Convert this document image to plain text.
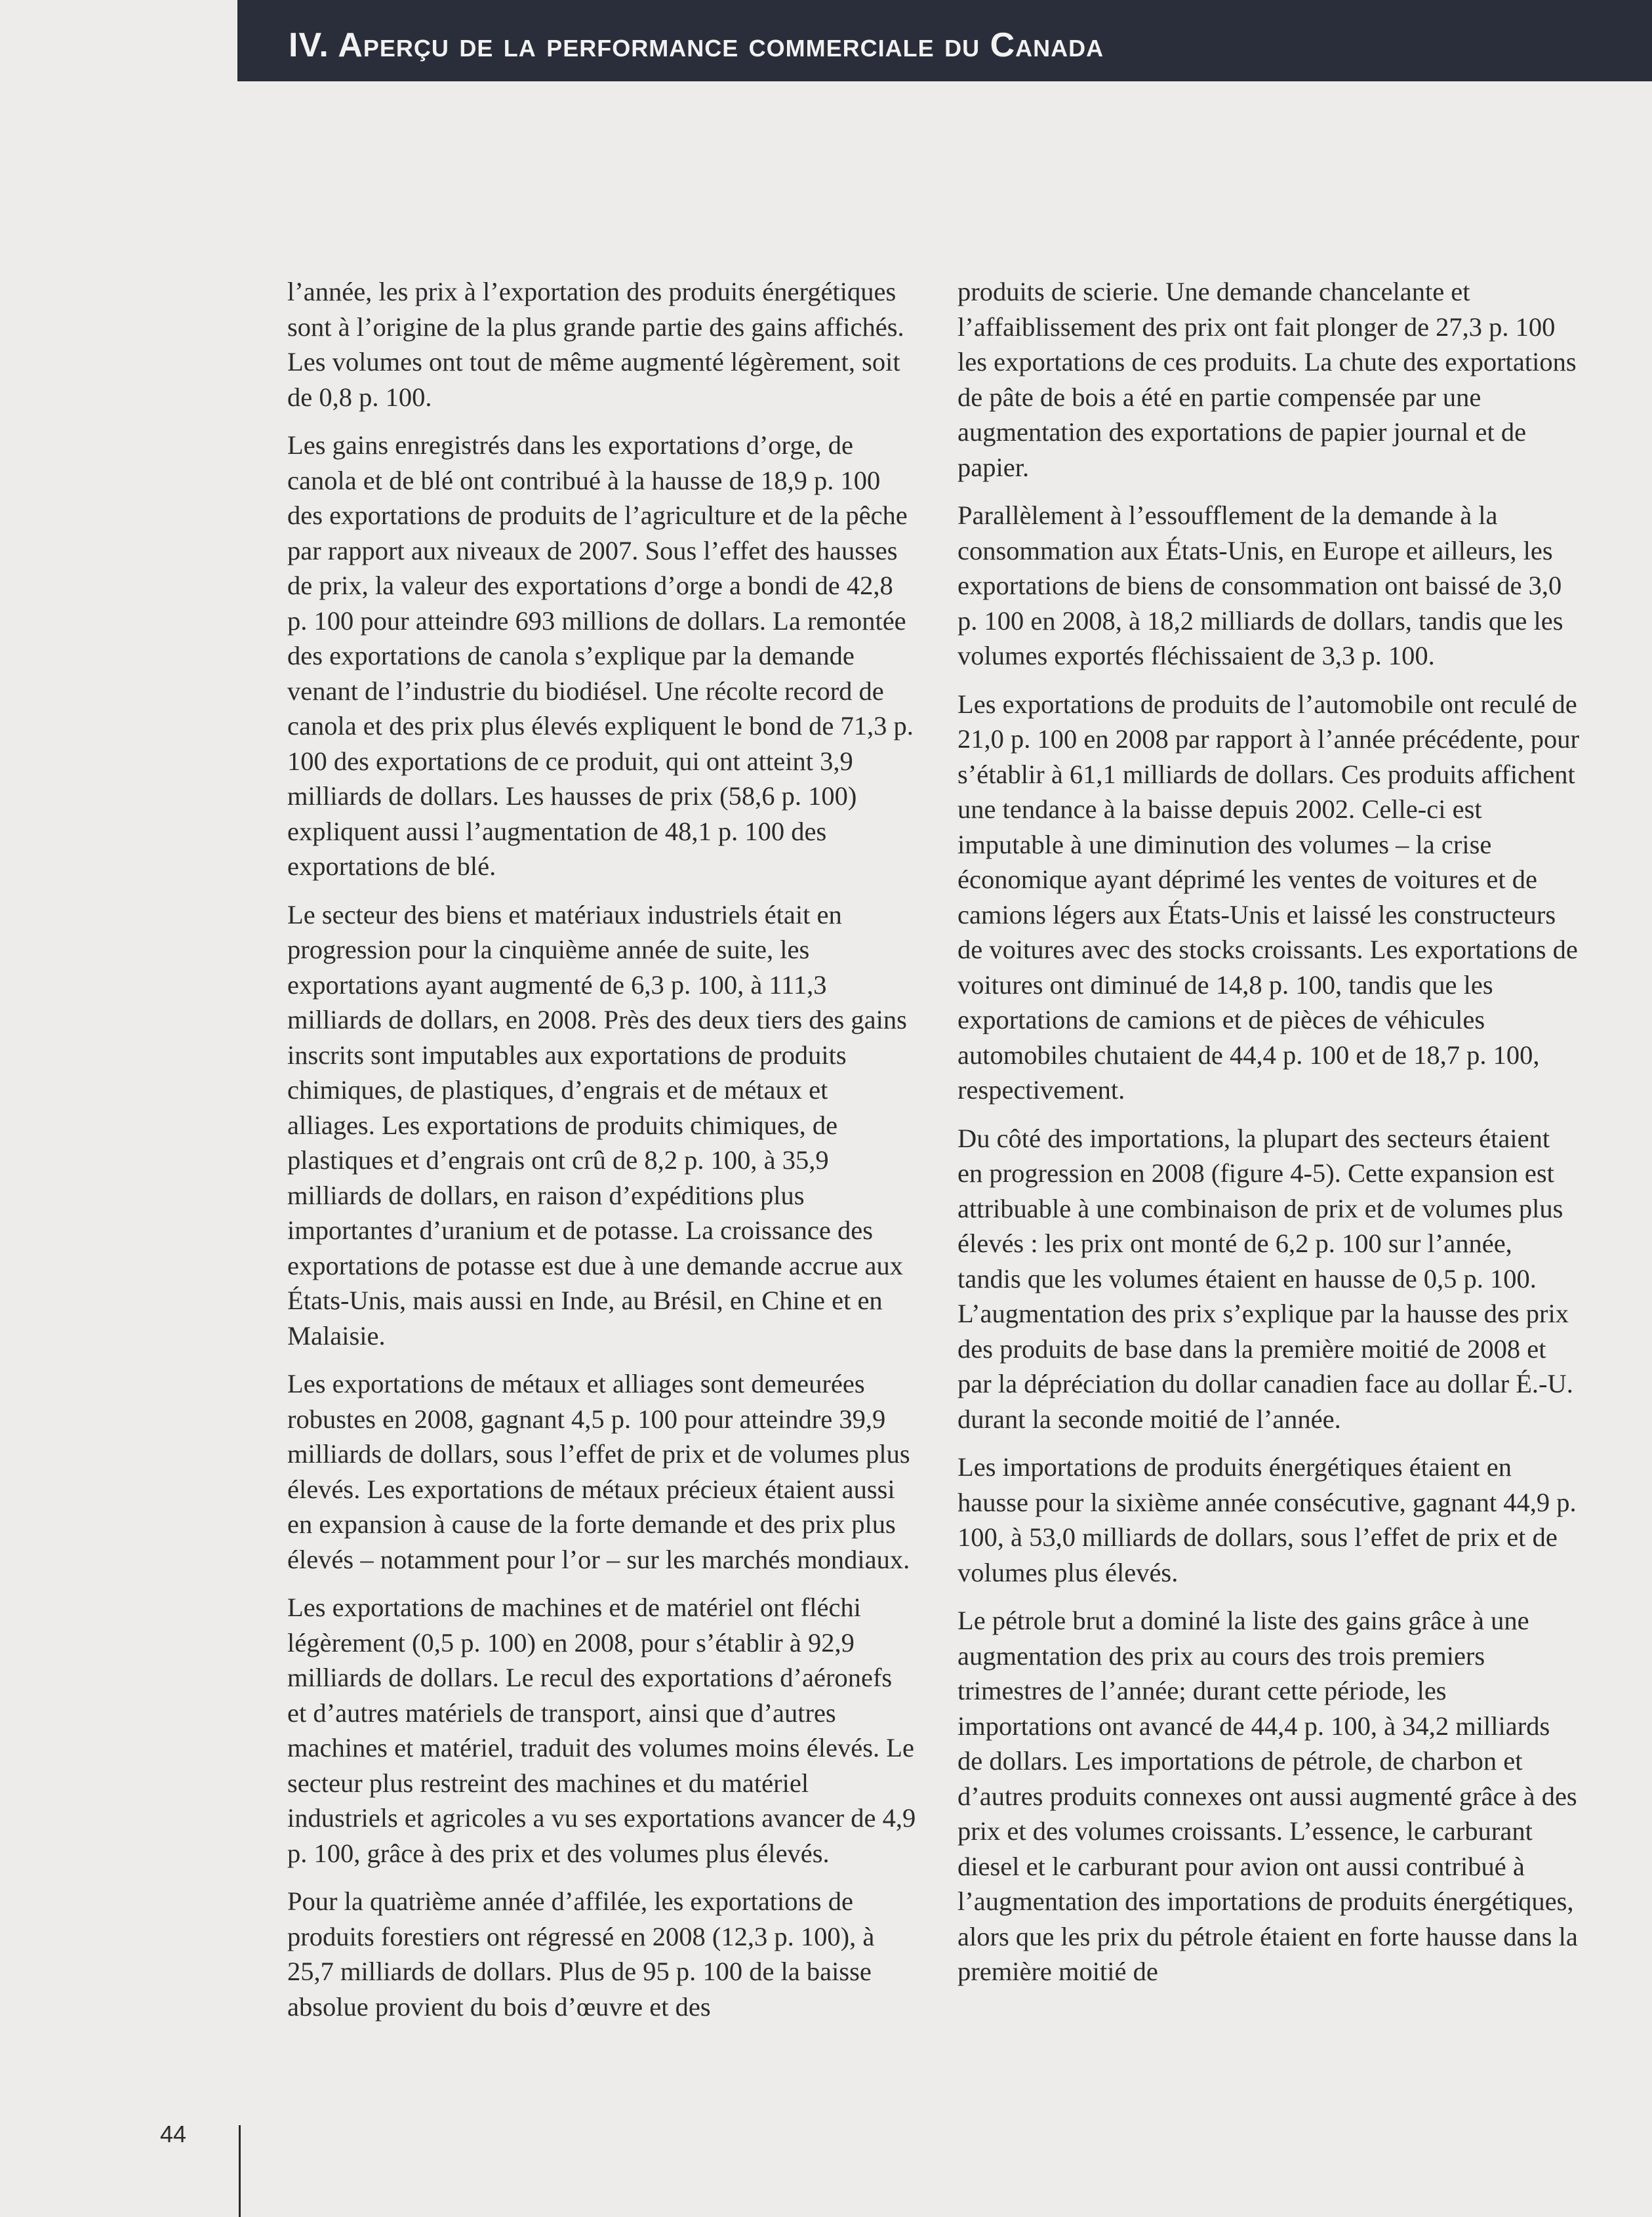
IV. Aperçu de la performance commerciale du Canada

l’année, les prix à l’exportation des produits énergétiques sont à l’origine de la plus grande partie des gains affichés. Les volumes ont tout de même augmenté légèrement, soit de 0,8 p. 100.

Les gains enregistrés dans les exportations d’orge, de canola et de blé ont contribué à la hausse de 18,9 p. 100 des exportations de produits de l’agriculture et de la pêche par rapport aux niveaux de 2007. Sous l’effet des hausses de prix, la valeur des exportations d’orge a bondi de 42,8 p. 100 pour atteindre 693 millions de dollars. La remontée des exportations de canola s’explique par la demande venant de l’industrie du biodiésel. Une récolte record de canola et des prix plus élevés expliquent le bond de 71,3 p. 100 des exportations de ce produit, qui ont atteint 3,9 milliards de dollars. Les hausses de prix (58,6 p. 100) expliquent aussi l’augmentation de 48,1 p. 100 des exportations de blé.

Le secteur des biens et matériaux industriels était en progression pour la cinquième année de suite, les exportations ayant augmenté de 6,3 p. 100, à 111,3 milliards de dollars, en 2008. Près des deux tiers des gains inscrits sont imputables aux exportations de produits chimiques, de plastiques, d’engrais et de métaux et alliages. Les exportations de produits chimiques, de plastiques et d’engrais ont crû de 8,2 p. 100, à 35,9 milliards de dollars, en raison d’expéditions plus importantes d’uranium et de potasse. La croissance des exportations de potasse est due à une demande accrue aux États-Unis, mais aussi en Inde, au Brésil, en Chine et en Malaisie.

Les exportations de métaux et alliages sont demeurées robustes en 2008, gagnant 4,5 p. 100 pour atteindre 39,9 milliards de dollars, sous l’effet de prix et de volumes plus élevés. Les exportations de métaux précieux étaient aussi en expansion à cause de la forte demande et des prix plus élevés – notamment pour l’or – sur les marchés mondiaux.

Les exportations de machines et de matériel ont fléchi légèrement (0,5 p. 100) en 2008, pour s’établir à 92,9 milliards de dollars. Le recul des exportations d’aéronefs et d’autres matériels de transport, ainsi que d’autres machines et matériel, traduit des volumes moins élevés. Le secteur plus restreint des machines et du matériel industriels et agricoles a vu ses exportations avancer de 4,9 p. 100, grâce à des prix et des volumes plus élevés.

Pour la quatrième année d’affilée, les exportations de produits forestiers ont régressé en 2008 (12,3 p. 100), à 25,7 milliards de dollars. Plus de 95 p. 100 de la baisse absolue provient du bois d’œuvre et des

produits de scierie. Une demande chancelante et l’affaiblissement des prix ont fait plonger de 27,3 p. 100 les exportations de ces produits. La chute des exportations de pâte de bois a été en partie compensée par une augmentation des exportations de papier journal et de papier.

Parallèlement à l’essoufflement de la demande à la consommation aux États-Unis, en Europe et ailleurs, les exportations de biens de consommation ont baissé de 3,0 p. 100 en 2008, à 18,2 milliards de dollars, tandis que les volumes exportés fléchissaient de 3,3 p. 100.

Les exportations de produits de l’automobile ont reculé de 21,0 p. 100 en 2008 par rapport à l’année précédente, pour s’établir à 61,1 milliards de dollars. Ces produits affichent une tendance à la baisse depuis 2002. Celle-ci est imputable à une diminution des volumes – la crise économique ayant déprimé les ventes de voitures et de camions légers aux États-Unis et laissé les constructeurs de voitures avec des stocks croissants. Les exportations de voitures ont diminué de 14,8 p. 100, tandis que les exportations de camions et de pièces de véhicules automobiles chutaient de 44,4 p. 100 et de 18,7 p. 100, respectivement.

Du côté des importations, la plupart des secteurs étaient en progression en 2008 (figure 4-5). Cette expansion est attribuable à une combinaison de prix et de volumes plus élevés : les prix ont monté de 6,2 p. 100 sur l’année, tandis que les volumes étaient en hausse de 0,5 p. 100. L’augmentation des prix s’explique par la hausse des prix des produits de base dans la première moitié de 2008 et par la dépréciation du dollar canadien face au dollar É.-U. durant la seconde moitié de l’année.

Les importations de produits énergétiques étaient en hausse pour la sixième année consécutive, gagnant 44,9 p. 100, à 53,0 milliards de dollars, sous l’effet de prix et de volumes plus élevés.

Le pétrole brut a dominé la liste des gains grâce à une augmentation des prix au cours des trois premiers trimestres de l’année; durant cette période, les importations ont avancé de 44,4 p. 100, à 34,2 milliards de dollars. Les importations de pétrole, de charbon et d’autres produits connexes ont aussi augmenté grâce à des prix et des volumes croissants. L’essence, le carburant diesel et le carburant pour avion ont aussi contribué à l’augmentation des importations de produits énergétiques, alors que les prix du pétrole étaient en forte hausse dans la première moitié de

44
